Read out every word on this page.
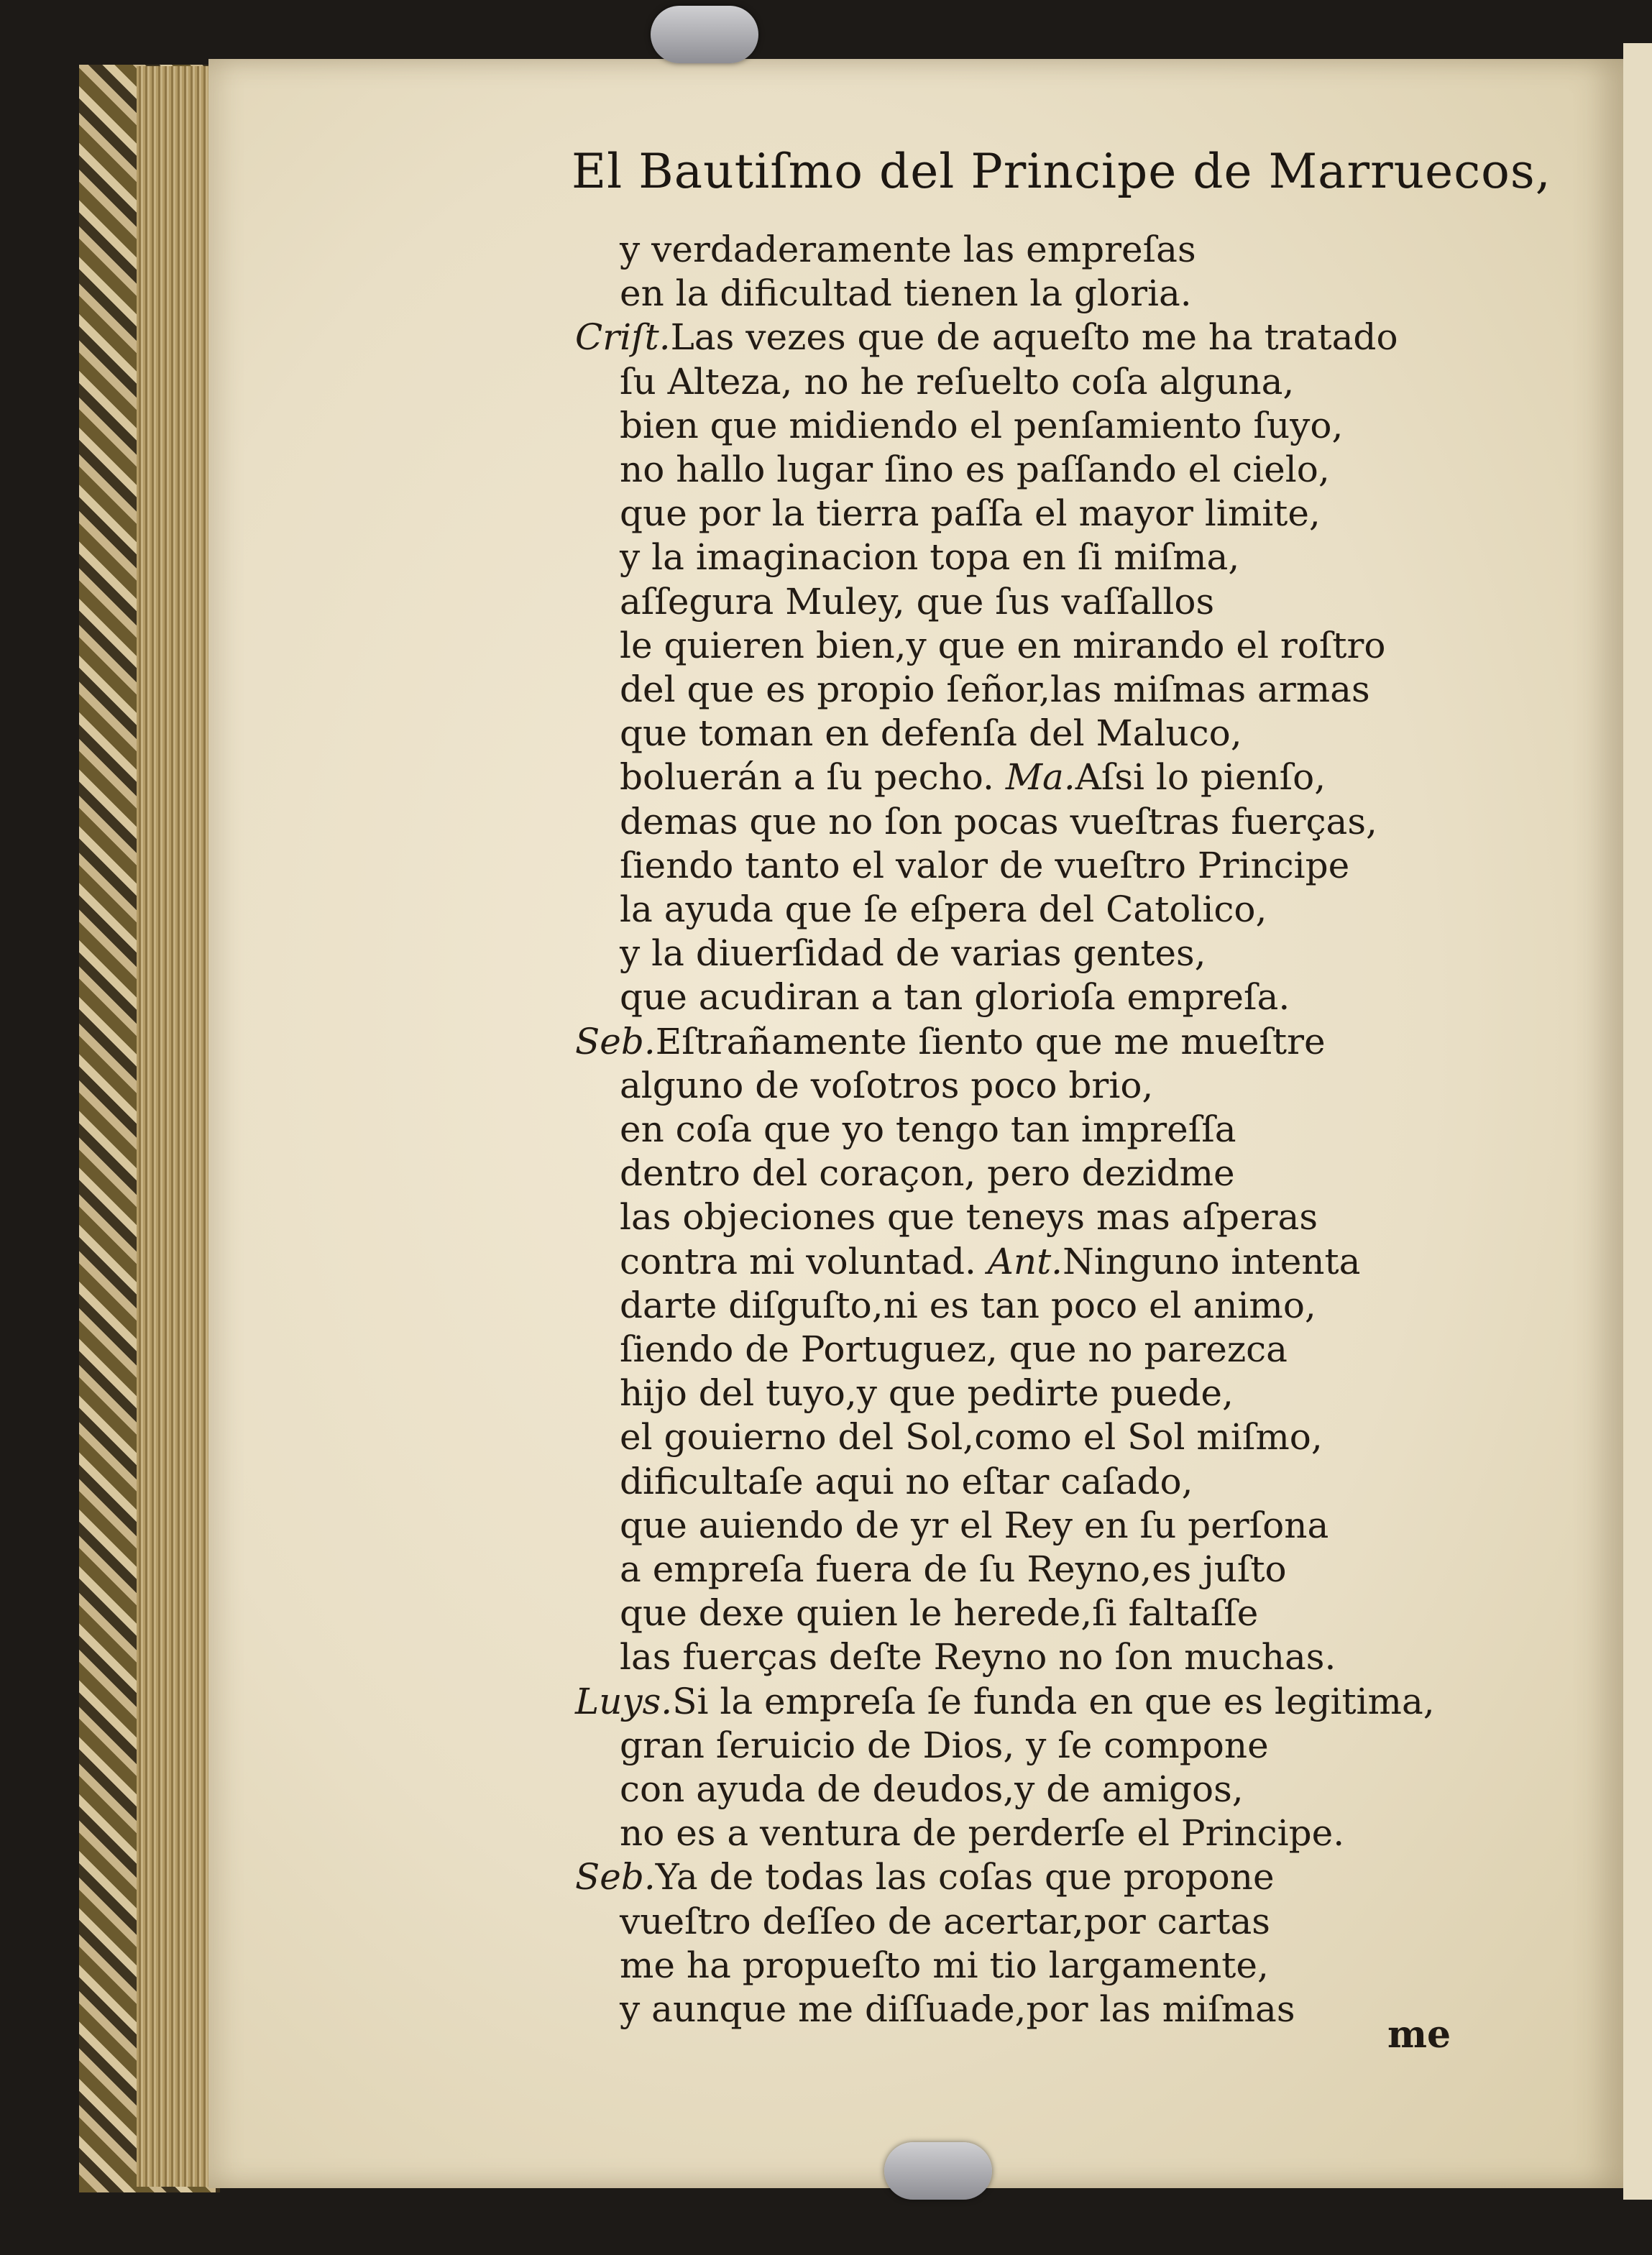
El Bautiſmo del Principe de Marruecos,
y verdaderamente las empreſas
en la dificultad tienen la gloria.
Criſt.Las vezes que de aqueſto me ha tratado
ſu Alteza, no he reſuelto coſa alguna,
bien que midiendo el penſamiento ſuyo,
no hallo lugar ſino es paſſando el cielo,
que por la tierra paſſa el mayor limite,
y la imaginacion topa en ſi miſma,
aſſegura Muley, que ſus vaſſallos
le quieren bien,y que en mirando el roſtro
del que es propio ſeñor,las miſmas armas
que toman en defenſa del Maluco,
boluerán a ſu pecho. Ma.Aſsi lo pienſo,
demas que no ſon pocas vueſtras fuerças,
ſiendo tanto el valor de vueſtro Principe
la ayuda que ſe eſpera del Catolico,
y la diuerſidad de varias gentes,
que acudiran a tan glorioſa empreſa.
Seb.Eſtrañamente ſiento que me mueſtre
alguno de voſotros poco brio,
en coſa que yo tengo tan impreſſa
dentro del coraçon, pero dezidme
las objeciones que teneys mas aſperas
contra mi voluntad. Ant.Ninguno intenta
darte diſguſto,ni es tan poco el animo,
ſiendo de Portuguez, que no parezca
hijo del tuyo,y que pedirte puede,
el gouierno del Sol,como el Sol miſmo,
dificultaſe aqui no eſtar caſado,
que auiendo de yr el Rey en ſu perſona
a empreſa fuera de ſu Reyno,es juſto
que dexe quien le herede,ſi faltaſſe
las fuerças deſte Reyno no ſon muchas.
Luys.Si la empreſa ſe funda en que es legitima,
gran ſeruicio de Dios, y ſe compone
con ayuda de deudos,y de amigos,
no es a ventura de perderſe el Principe.
Seb.Ya de todas las coſas que propone
vueſtro deſſeo de acertar,por cartas
me ha propueſto mi tio largamente,
y aunque me diſſuade,por las miſmas
me
